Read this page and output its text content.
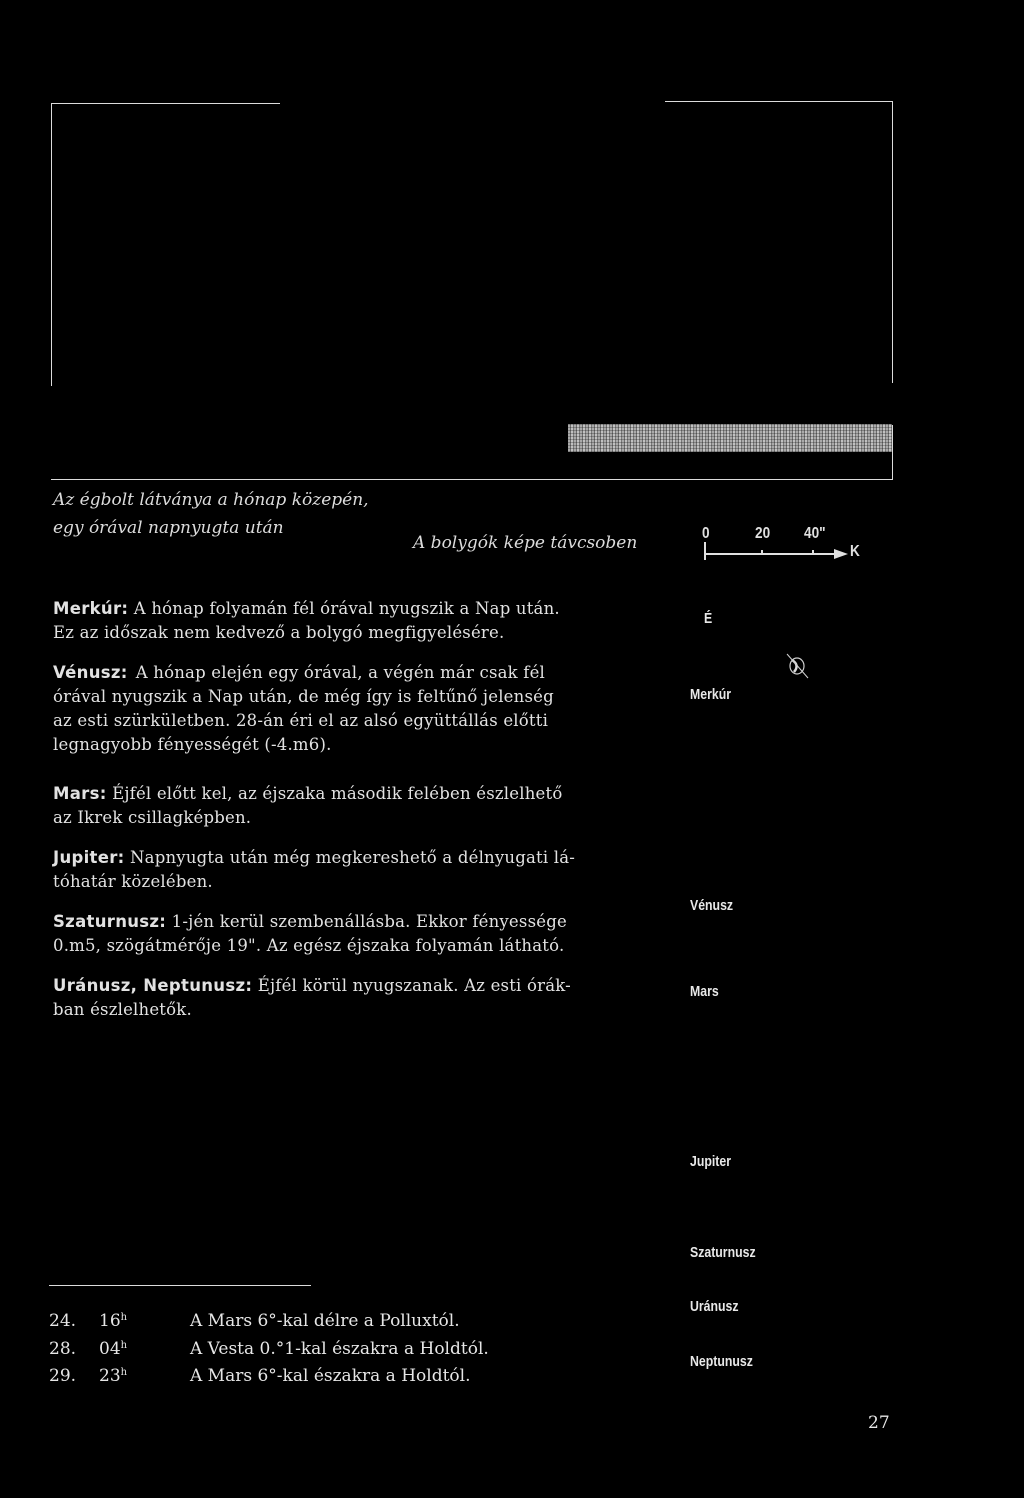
Az égbolt látványa a hónap közepén,
egy órával napnyugta után
A bolygók képe távcsoben	0	20 40"
K
Merkúr: A hónap folyamán fél órával nyugszik a Nap után.
Ez az időszak nem kedvező a bolygó megfigyelésére.
Vénusz: A hónap elején egy órával, a végén már csak fél
órával nyugszik a Nap után, de még így is feltűnő jelenség
az esti szürkületben. 28-án éri el az alsó együttállás előtti
legnagyobb fényességét (-4.m6).
Mars: Éjfél előtt kel, az éjszaka második felében észlelhető
az Ikrek csillagképben.
Jupiter: Napnyugta után még megkereshető a délnyugati lá-
tóhatár közelében.
Szaturnusz: 1-jén kerül szembenállásba. Ekkor fényessége
0.m5, szögátmérője 19". Az egész éjszaka folyamán látható.
Uránusz, Neptunusz: Éjfél körül nyugszanak. Az esti órák-
ban észlelhetők.
É
Merkúr
Vénusz
Mars
Jupiter
Szaturnusz
Uránusz
Neptunusz
24. 16$^h$	A Mars 6°-kal délre a Polluxtól.
28. 04$^h$	A Vesta 0.°1-kal északra a Holdtól.
29. 23$^h$	A Mars 6°-kal északra a Holdtól.
27
